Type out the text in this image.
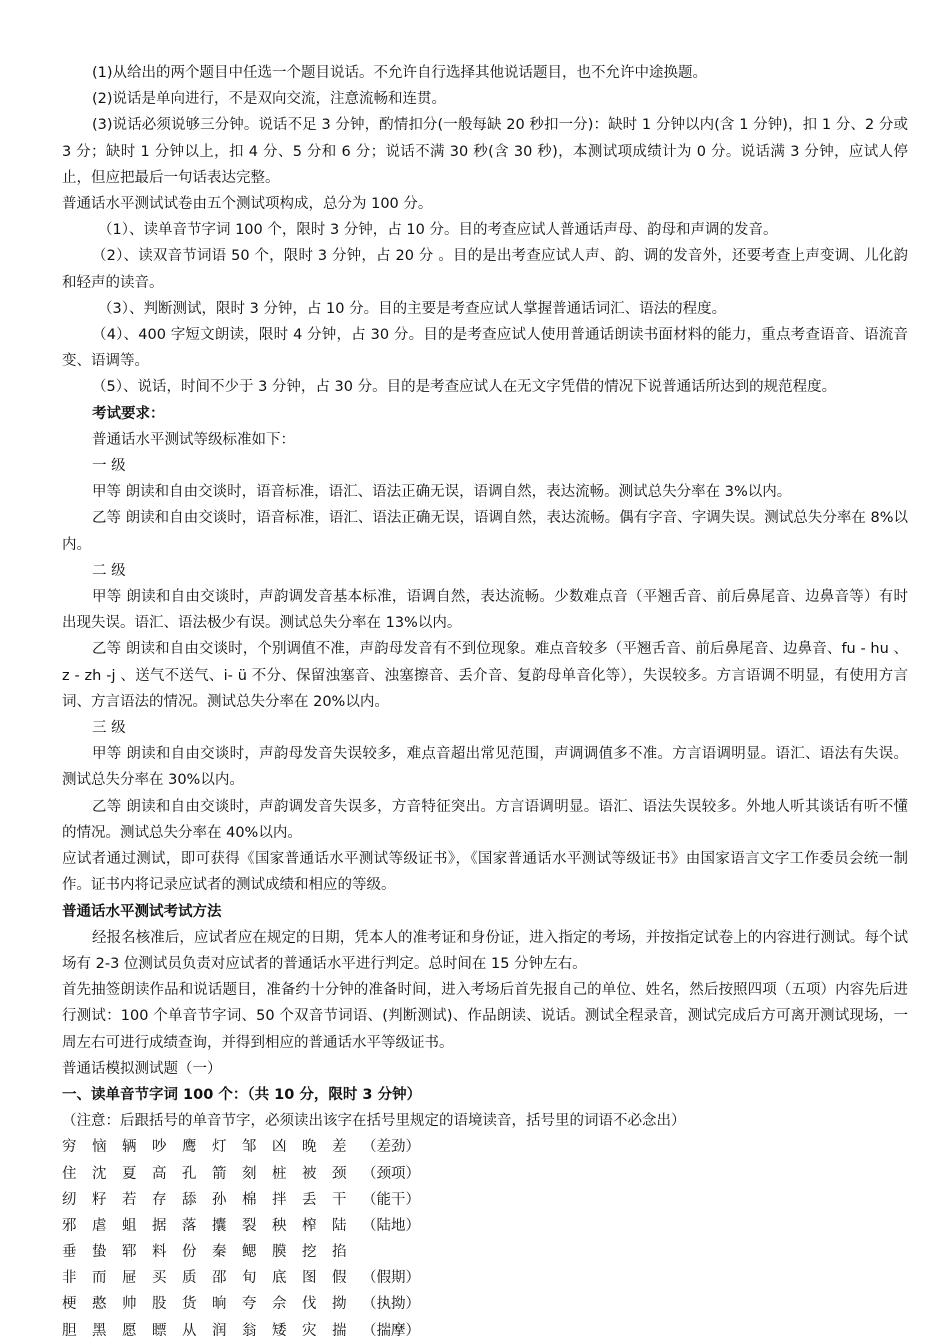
(1)从给出的两个题目中任选一个题目说话。不允许自行选择其他说话题目，也不允许中途换题。

(2)说话是单向进行，不是双向交流，注意流畅和连贯。

(3)说话必须说够三分钟。说话不足 3 分钟，酌情扣分(一般每缺 20 秒扣一分)：缺时 1 分钟以内(含 1 分钟)，扣 1 分、2 分或 3 分；缺时 1 分钟以上，扣 4 分、5 分和 6 分；说话不满 30 秒(含 30 秒)，本测试项成绩计为 0 分。说话满 3 分钟，应试人停止，但应把最后一句话表达完整。

普通话水平测试试卷由五个测试项构成，总分为 100 分。

（1）、读单音节字词 100 个，限时 3 分钟，占 10 分。目的考查应试人普通话声母、韵母和声调的发音。

（2）、读双音节词语 50 个，限时 3 分钟，占 20 分 。目的是出考查应试人声、韵、调的发音外，还要考查上声变调、儿化韵和轻声的读音。

（3）、判断测试，限时 3 分钟，占 10 分。目的主要是考查应试人掌握普通话词汇、语法的程度。

（4）、400 字短文朗读，限时 4 分钟，占 30 分。目的是考查应试人使用普通话朗读书面材料的能力，重点考查语音、语流音变、语调等。

（5）、说话，时间不少于 3 分钟，占 30 分。目的是考查应试人在无文字凭借的情况下说普通话所达到的规范程度。

考试要求：

普通话水平测试等级标准如下：

一 级

甲等 朗读和自由交谈时，语音标准，语汇、语法正确无误，语调自然，表达流畅。测试总失分率在 3%以内。

乙等 朗读和自由交谈时，语音标准，语汇、语法正确无误，语调自然，表达流畅。偶有字音、字调失误。测试总失分率在 8%以内。

二 级

甲等 朗读和自由交谈时，声韵调发音基本标准，语调自然，表达流畅。少数难点音（平翘舌音、前后鼻尾音、边鼻音等）有时出现失误。语汇、语法极少有误。测试总失分率在 13%以内。

乙等 朗读和自由交谈时，个别调值不准，声韵母发音有不到位现象。难点音较多（平翘舌音、前后鼻尾音、边鼻音、fu - hu 、z - zh -j 、送气不送气、i- ü 不分、保留浊塞音、浊塞擦音、丢介音、复韵母单音化等），失误较多。方言语调不明显，有使用方言词、方言语法的情况。测试总失分率在 20%以内。

三 级

甲等 朗读和自由交谈时，声韵母发音失误较多，难点音超出常见范围，声调调值多不准。方言语调明显。语汇、语法有失误。测试总失分率在 30%以内。

乙等 朗读和自由交谈时，声韵调发音失误多，方音特征突出。方言语调明显。语汇、语法失误较多。外地人听其谈话有听不懂的情况。测试总失分率在 40%以内。

应试者通过测试，即可获得《国家普通话水平测试等级证书》，《国家普通话水平测试等级证书》由国家语言文字工作委员会统一制作。证书内将记录应试者的测试成绩和相应的等级。

普通话水平测试考试方法

经报名核准后，应试者应在规定的日期，凭本人的准考证和身份证，进入指定的考场，并按指定试卷上的内容进行测试。每个试场有 2-3 位测试员负责对应试者的普通话水平进行判定。总时间在 15 分钟左右。

首先抽签朗读作品和说话题目，准备约十分钟的准备时间，进入考场后首先报自己的单位、姓名，然后按照四项（五项）内容先后进行测试：100 个单音节字词、50 个双音节词语、(判断测试)、作品朗读、说话。测试全程录音，测试完成后方可离开测试现场，一周左右可进行成绩查询，并得到相应的普通话水平等级证书。

普通话模拟测试题（一）

一、读单音节字词 100 个：（共 10 分，限时 3 分钟）

（注意：后跟括号的单音节字，必须读出该字在括号里规定的语境读音，括号里的词语不必念出）

穷	恼	辆	吵	鹰	灯	邹	凶	晚	差	（差劲）
住	沈	夏	高	孔	箭	刻	桩	被	颈	（颈项）
纫	籽	若	存	舔	孙	棉	拌	丢	干	（能干）
邪	虐	蛆	据	落	攮	裂	秧	榨	陆	（陆地）
垂	蛰	郓	料	份	秦	鳃	膜	挖	掐
非	而	屉	买	质	邵	旬	底	图	假	（假期）
梗	憨	帅	股	货	晌	夸	佘	伐	拗	（执拗）
胆	黑	愿	瞟	从	润	翁	矮	灾	揣	（揣摩）
